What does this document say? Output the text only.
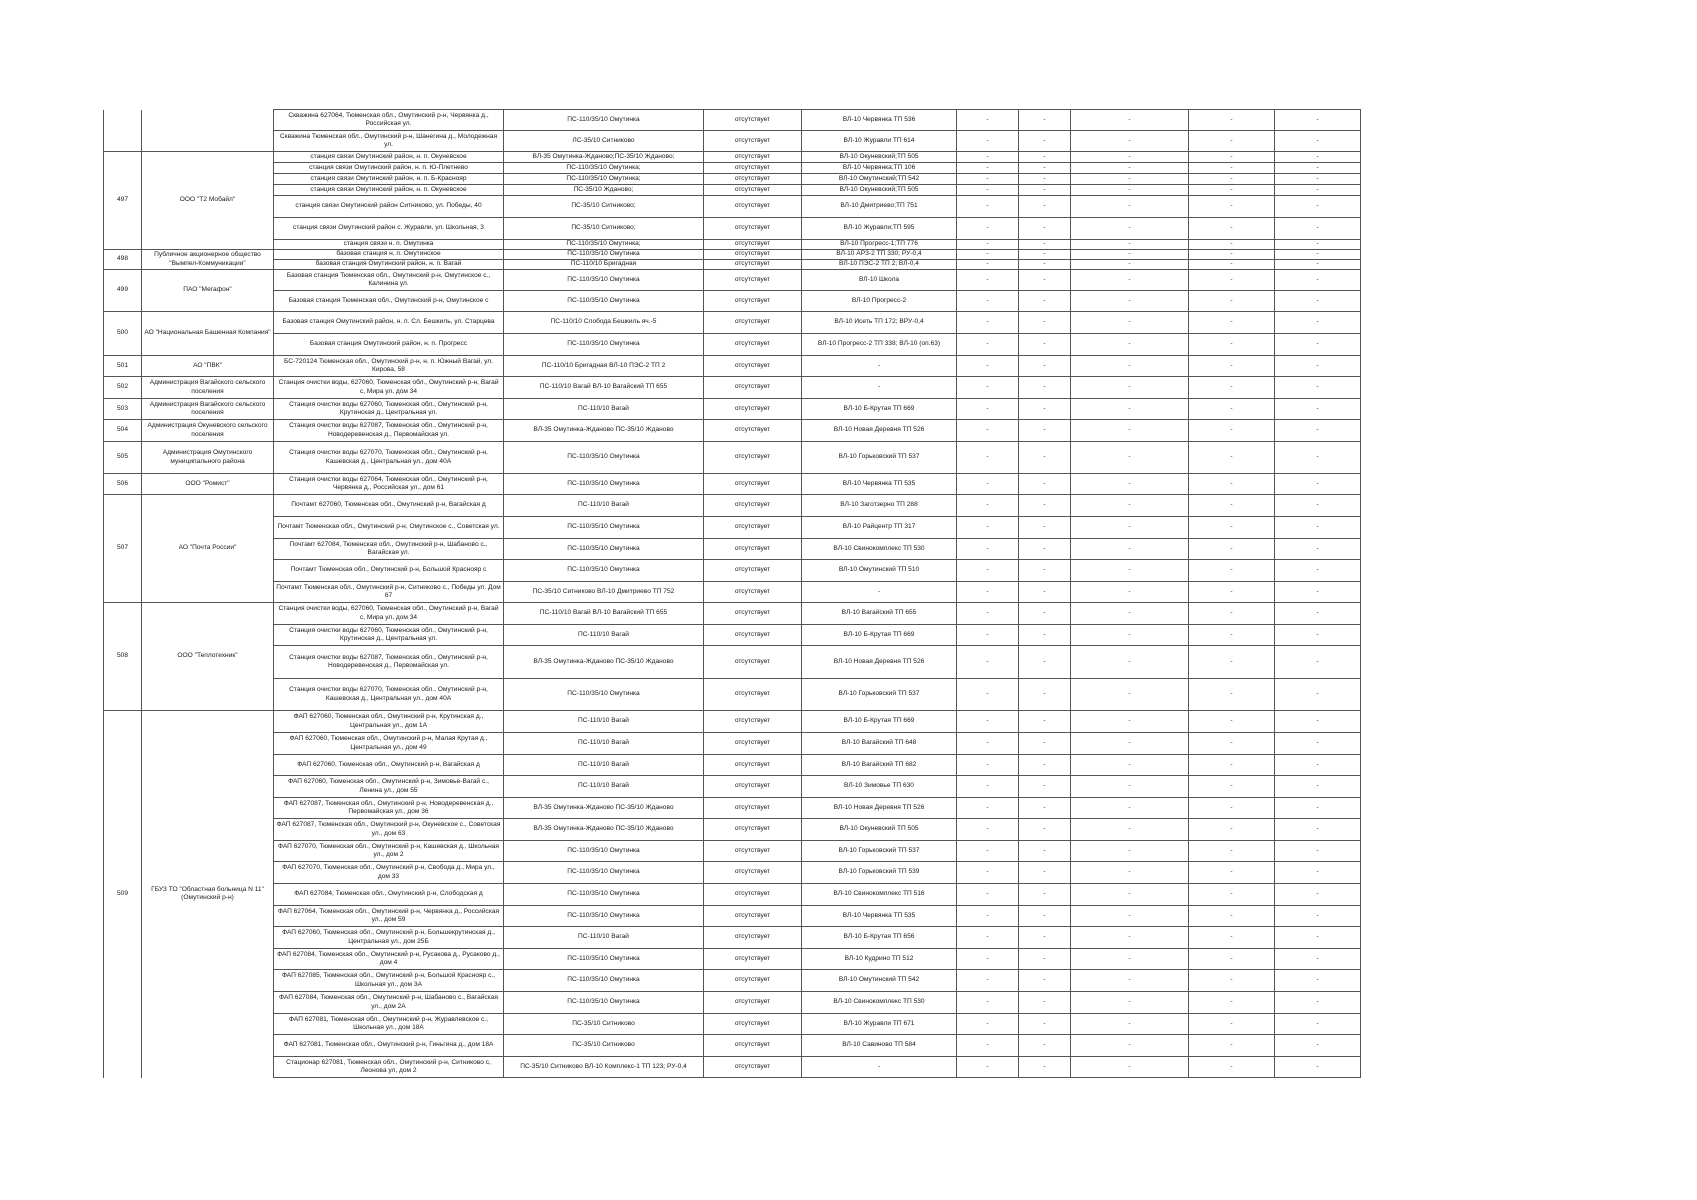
		Скважина 627064, Тюменская обл., Омутинский р-н, Червянка д., Российская ул.	ПС-110/35/10 Омутинка	отсутствует	ВЛ-10 Червянка ТП 536	-	-	-	-	-
		Скважина Тюменская обл., Омутинский р-н, Шанегина д., Молодежная ул.	ЛС-35/10 Ситниково	отсутствует	ВЛ-10 Журавли ТП 614	-	-	-	-	-
497	ООО "Т2 Мобайл"	станция связи Омутинский район, н. п. Окуневское	ВЛ-35 Омутинка-Жданово;ПС-35/10 Жданово;	отсутствует	ВЛ-10 Окуневский;ТП 505	-	-	-	-	-
		станция связи Омутинский район, н. п. Ю-Плетнево	ПС-110/35/10 Омутинка;	отсутствует	ВЛ-10 Червянка;ТП 106	-	-	-	-	-
		станция связи Омутинский район, н. п. Б-Краснояр	ПС-110/35/10 Омутинка;	отсутствует	ВЛ-10 Омутинский;ТП 542	-	-	-	-	-
		станция связи Омутинский район, н. п. Окуневское	ПС-35/10 Жданово;	отсутствует	ВЛ-10 Окуневский;ТП 505	-	-	-	-	-
		станция связи Омутинский район Ситниково, ул. Победы, 40	ПС-35/10 Ситниково;	отсутствует	ВЛ-10 Дмитриево;ТП 751	-	-	-	-	-
		станция связи Омутинский район с. Журавли, ул. Школьная, 3	ПС-35/10 Ситниково;	отсутствует	ВЛ-10 Журавли;ТП 595	-	-	-	-	-
		станция связи н. п. Омутинка	ПС-110/35/10 Омутинка;	отсутствует	ВЛ-10 Прогресс-1;ТП 776	-	-	-	-	-
498	Публичное акционерное общество "Вымпел-Коммуникации"	базовая станция н. п. Омутинское	ПС-110/35/10 Омутинка	отсутствует	ВЛ-10 АРЗ-2 ТП 330; РУ-0,4	-	-	-	-	-
		базовая станция Омутинский район, н. п. Вагай	ПС-110/10 Бригадная	отсутствует	ВЛ-10 ПЭС-2 ТП 2; ВЛ-0,4	-	-	-	-	-
499	ПАО "Мегафон"	Базовая станция Тюменская обл., Омутинский р-н, Омутинское с., Калинина ул.	ПС-110/35/10 Омутинка	отсутствует	ВЛ-10 Школа	-	-	-	-	-
		Базовая станция Тюменская обл., Омутинский р-н, Омутинское с	ПС-110/35/10 Омутинка	отсутствует	ВЛ-10 Прогресс-2	-	-	-	-	-
500	АО "Национальная Башенная Компания"	Базовая станция Омутинский район, н. п. Сл. Бешкиль, ул. Старцева	ПС-110/10 Слобода Бешкиль яч.-5	отсутствует	ВЛ-10 Исеть ТП 172; ВРУ-0,4	-	-	-	-	-
		Базовая станция Омутинский район, н. п. Прогресс	ПС-110/35/10 Омутинка	отсутствует	ВЛ-10 Прогресс-2 ТП 338; ВЛ-10 (оп.63)	-	-	-	-	-
501	АО "ПВК"	БС-720124 Тюменская обл., Омутинский р-н, н. п. Южный Вагай, ул. Кирова, 58	ПС-110/10 Бригадная ВЛ-10 ПЭС-2 ТП 2	отсутствует	-	-	-	-	-	-
502	Администрация Вагайского сельского поселения	Станция очистки воды, 627060, Тюменская обл., Омутинский р-н, Вагай с, Мира ул, дом 34	ПС-110/10 Вагай ВЛ-10 Вагайский ТП 655	отсутствует	-	-	-	-	-	-
503	Администрация Вагайского сельского поселения	Станция очистки воды 627060, Тюменская обл., Омутинский р-н, Крутинская д., Центральная ул.	ПС-110/10 Вагай	отсутствует	ВЛ-10 Б-Крутая ТП 669	-	-	-	-	-
504	Администрация Окуневского сельского поселения	Станция очистки воды 627087, Тюменская обл., Омутинский р-н, Новодеревенская д., Первомайская ул.	ВЛ-35 Омутинка-Жданово ПС-35/10 Жданово	отсутствует	ВЛ-10 Новая Деревня ТП 526	-	-	-	-	-
505	Администрация Омутинского муниципального района	Станция очистки воды 627070, Тюменская обл., Омутинский р-н, Кашевская д., Центральная ул., дом 40А	ПС-110/35/10 Омутинка	отсутствует	ВЛ-10 Горьковский ТП 537	-	-	-	-	-
506	ООО "Ромист"	Станция очистки воды 627064, Тюменская обл., Омутинский р-н, Червянка д., Российская ул., дом 61	ПС-110/35/10 Омутинка	отсутствует	ВЛ-10 Червянка ТП 535	-	-	-	-	-
507	АО "Почта России"	Почтамт 627060, Тюменская обл., Омутинский р-н, Вагайская д	ПС-110/10 Вагай	отсутствует	ВЛ-10 Заготзерно ТП 288	-	-	-	-	-
		Почтамт Тюменская обл., Омутинский р-н, Омутинское с., Советская ул.	ПС-110/35/10 Омутинка	отсутствует	ВЛ-10 Райцентр ТП 317	-	-	-	-	-
		Почтамт 627084, Тюменская обл., Омутинский р-н, Шабаново с., Вагайская ул.	ПС-110/35/10 Омутинка	отсутствует	ВЛ-10 Свинокомплекс ТП 530	-	-	-	-	-
		Почтамт Тюменская обл., Омутинский р-н, Большой Краснояр с	ПС-110/35/10 Омутинка	отсутствует	ВЛ-10 Омутинский ТП 510	-	-	-	-	-
		Почтамт Тюменская обл., Омутинский р-н, Ситниково с., Победы ул. Дом 67	ПС-35/10 Ситниково ВЛ-10 Дмитриево ТП 752	отсутствует	-	-	-	-	-	-
508	ООО "Теплотехник"	Станция очистки воды, 627060, Тюменская обл., Омутинский р-н, Вагай с, Мира ул, дом 34	ПС-110/10 Вагай ВЛ-10 Вагайский ТП 655	отсутствует	ВЛ-10 Вагайский ТП 655	-	-	-	-	-
		Станция очистки воды 627060, Тюменская обл., Омутинский р-н, Крутинская д., Центральная ул.	ПС-110/10 Вагай	отсутствует	ВЛ-10 Б-Крутая ТП 669	-	-	-	-	-
		Станция очистки воды 627087, Тюменская обл., Омутинский р-н, Новодеревенская д., Первомайская ул.	ВЛ-35 Омутинка-Жданово ПС-35/10 Жданово	отсутствует	ВЛ-10 Новая Деревня ТП 526	-	-	-	-	-
		Станция очистки воды 627070, Тюменская обл., Омутинский р-н, Кашевская д., Центральная ул., дом 40А	ПС-110/35/10 Омутинка	отсутствует	ВЛ-10 Горьковский ТП 537	-	-	-	-	-
509	ГБУЗ ТО "Областная больница N 11" (Омутинский р-н)	ФАП 627060, Тюменская обл., Омутинский р-н, Крутинская д., Центральная ул., дом 1А	ПС-110/10 Вагай	отсутствует	ВЛ-10 Б-Крутая ТП 669	-	-	-	-	-
		ФАП 627060, Тюменская обл., Омутинский р-н, Малая Крутая д., Центральная ул., дом 49	ПС-110/10 Вагай	отсутствует	ВЛ-10 Вагайский ТП 648	-	-	-	-	-
		ФАП 627060, Тюменская обл., Омутинский р-н, Вагайская д	ПС-110/10 Вагай	отсутствует	ВЛ-10 Вагайский ТП 682	-	-	-	-	-
		ФАП 627060, Тюменская обл., Омутинский р-н, Зимовье-Вагай с., Ленина ул., дом 55	ПС-110/10 Вагай	отсутствует	ВЛ-10 Зимовье ТП 630	-	-	-	-	-
		ФАП 627087, Тюменская обл., Омутинский р-н, Новодеревенская д., Первомайская ул., дом 36	ВЛ-35 Омутинка-Жданово ПС-35/10 Жданово	отсутствует	ВЛ-10 Новая Деревня ТП 526	-	-	-	-	-
		ФАП 627087, Тюменская обл., Омутинский р-н, Окуневское с., Советская ул., дом 63	ВЛ-35 Омутинка-Жданово ПС-35/10 Жданово	отсутствует	ВЛ-10 Окуневский ТП 505	-	-	-	-	-
		ФАП 627070, Тюменская обл., Омутинский р-н, Кашевская д., Школьная ул., дом 2	ПС-110/35/10 Омутинка	отсутствует	ВЛ-10 Горьковский ТП 537	-	-	-	-	-
		ФАП 627070, Тюменская обл., Омутинский р-н, Свобода д., Мира ул., дом 33	ПС-110/35/10 Омутинка	отсутствует	ВЛ-10 Горьковский ТП 539	-	-	-	-	-
		ФАП 627084, Тюменская обл., Омутинский р-н, Слободская д	ПС-110/35/10 Омутинка	отсутствует	ВЛ-10 Свинокомплекс ТП 516	-	-	-	-	-
		ФАП 627064, Тюменская обл., Омутинский р-н, Червянка д., Российская ул., дом 59	ПС-110/35/10 Омутинка	отсутствует	ВЛ-10 Червянка ТП 535	-	-	-	-	-
		ФАП 627060, Тюменская обл., Омутинский р-н, Большекрутинская д., Центральная ул., дом 25Б	ПС-110/10 Вагай	отсутствует	ВЛ-10 Б-Крутая ТП 656	-	-	-	-	-
		ФАП 627084, Тюменская обл., Омутинский р-н, Русакова д., Русаково д., дом 4	ПС-110/35/10 Омутинка	отсутствует	ВЛ-10 Кудрино ТП 512	-	-	-	-	-
		ФАП 627085, Тюменская обл., Омутинский р-н, Большой Краснояр с., Школьная ул., дом 3А	ПС-110/35/10 Омутинка	отсутствует	ВЛ-10 Омутинский ТП 542	-	-	-	-	-
		ФАП 627084, Тюменская обл., Омутинский р-н, Шабаново с., Вагайская ул., дом 2А	ПС-110/35/10 Омутинка	отсутствует	ВЛ-10 Свинокомплекс ТП 530	-	-	-	-	-
		ФАП 627081, Тюменская обл., Омутинский р-н, Журавлевское с., Школьная ул., дом 18А	ПС-35/10 Ситниково	отсутствует	ВЛ-10 Журавли ТП 671	-	-	-	-	-
		ФАП 627081, Тюменская обл., Омутинский р-н, Гиньгина д., дом 18А	ПС-35/10 Ситниково	отсутствует	ВЛ-10 Савиново ТП 584	-	-	-	-	-
		Стационар 627081, Тюменская обл., Омутинский р-н, Ситниково с, Леонова ул, дом 2	ПС-35/10 Ситниково ВЛ-10 Комплекс-1 ТП 123; РУ-0,4	отсутствует	-	-	-	-	-	-
